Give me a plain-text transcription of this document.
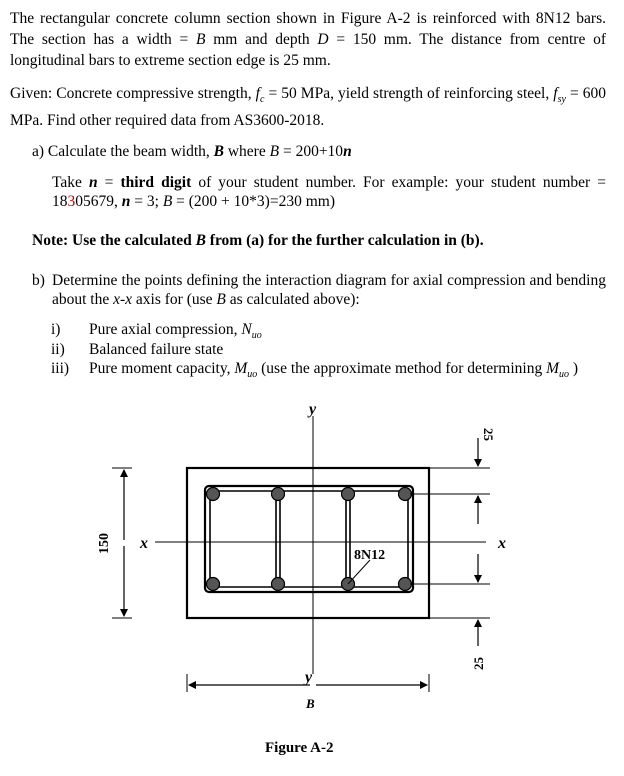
The rectangular concrete column section shown in Figure A-2 is reinforced with 8N12 bars. The section has a width = B mm and depth D = 150 mm. The distance from centre of longitudinal bars to extreme section edge is 25 mm.
Given: Concrete compressive strength, $f_c = 50$ MPa, yield strength of reinforcing steel, $f_{sy} = 600$ MPa. Find other required data from AS3600-2018.
a) Calculate the beam width, B where B = 200+10n
Take n = third digit of your student number. For example: your student number = 18305679, n = 3; B = (200 + 10*3)=230 mm)
Note: Use the calculated B from (a) for the further calculation in (b).
b) Determine the points defining the interaction diagram for axial compression and bending about the x-x axis for (use B as calculated above):
i) Pure axial compression, $N_{uo}$
ii) Balanced failure state
iii) Pure moment capacity, $M_{uo}$ (use the approximate method for determining $M_{uo}$ )
y
y
x	x
8N12
150
B
25
25
Figure A-2
